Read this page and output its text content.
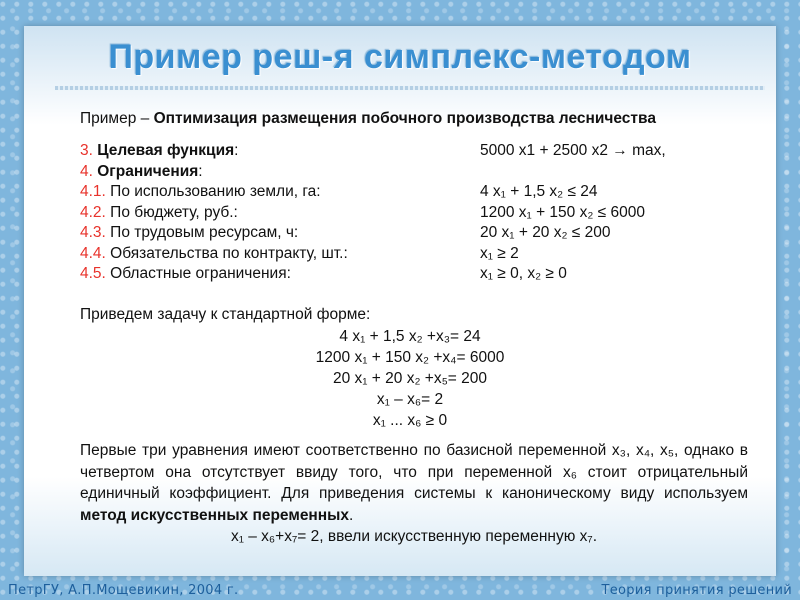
Пример реш-я симплекс-методом
Пример – Оптимизация размещения побочного производства лесничества
3. Целевая функция:	5000 x1 + 2500 x2 → max,
4. Ограничения:
4.1. По использованию земли, га:	4 x₁ + 1,5 x₂ ≤ 24
4.2. По бюджету, руб.:	1200 x₁ + 150 x₂ ≤ 6000
4.3. По трудовым ресурсам, ч:	20 x₁ + 20 x₂ ≤ 200
4.4. Обязательства по контракту, шт.:	x₁ ≥ 2
4.5. Областные ограничения:	x₁ ≥ 0, x₂ ≥ 0
Приведем задачу к стандартной форме:
4 x₁ + 1,5 x₂ +x₃= 24
1200 x₁ + 150 x₂ +x₄= 6000
20 x₁ + 20 x₂ +x₅= 200
x₁ – x₆= 2
x₁ ... x₆ ≥ 0
Первые три уравнения имеют соответственно по базисной переменной x₃, x₄, x₅, однако в четвертом она отсутствует ввиду того, что при переменной x₆ стоит отрицательный единичный коэффициент. Для приведения системы к каноническому виду используем метод искусственных переменных.
x₁ – x₆+x₇= 2, ввели искусственную переменную x₇.
ПетрГУ, А.П.Мощевикин, 2004 г.	Теория принятия решений
